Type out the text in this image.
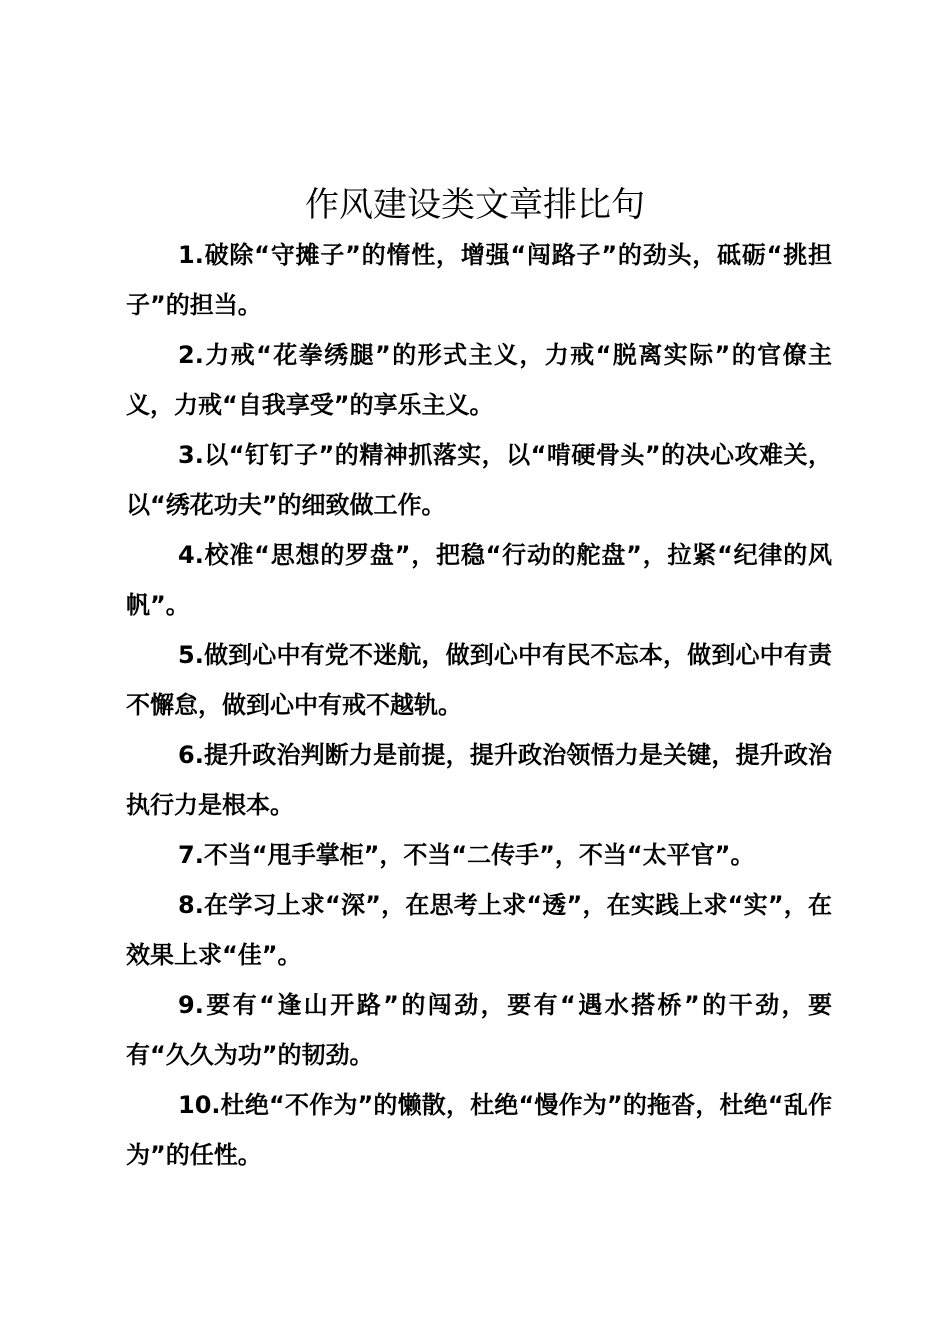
作风建设类文章排比句

1.破除“守摊子”的惰性，增强“闯路子”的劲头，砥砺“挑担子”的担当。

2.力戒“花拳绣腿”的形式主义，力戒“脱离实际”的官僚主义，力戒“自我享受”的享乐主义。

3.以“钉钉子”的精神抓落实，以“啃硬骨头”的决心攻难关，以“绣花功夫”的细致做工作。

4.校准“思想的罗盘”，把稳“行动的舵盘”，拉紧“纪律的风帆”。

5.做到心中有党不迷航，做到心中有民不忘本，做到心中有责不懈怠，做到心中有戒不越轨。

6.提升政治判断力是前提，提升政治领悟力是关键，提升政治执行力是根本。

7.不当“甩手掌柜”，不当“二传手”，不当“太平官”。

8.在学习上求“深”，在思考上求“透”，在实践上求“实”，在效果上求“佳”。

9.要有“逢山开路”的闯劲，要有“遇水搭桥”的干劲，要有“久久为功”的韧劲。

10.杜绝“不作为”的懒散，杜绝“慢作为”的拖沓，杜绝“乱作为”的任性。
